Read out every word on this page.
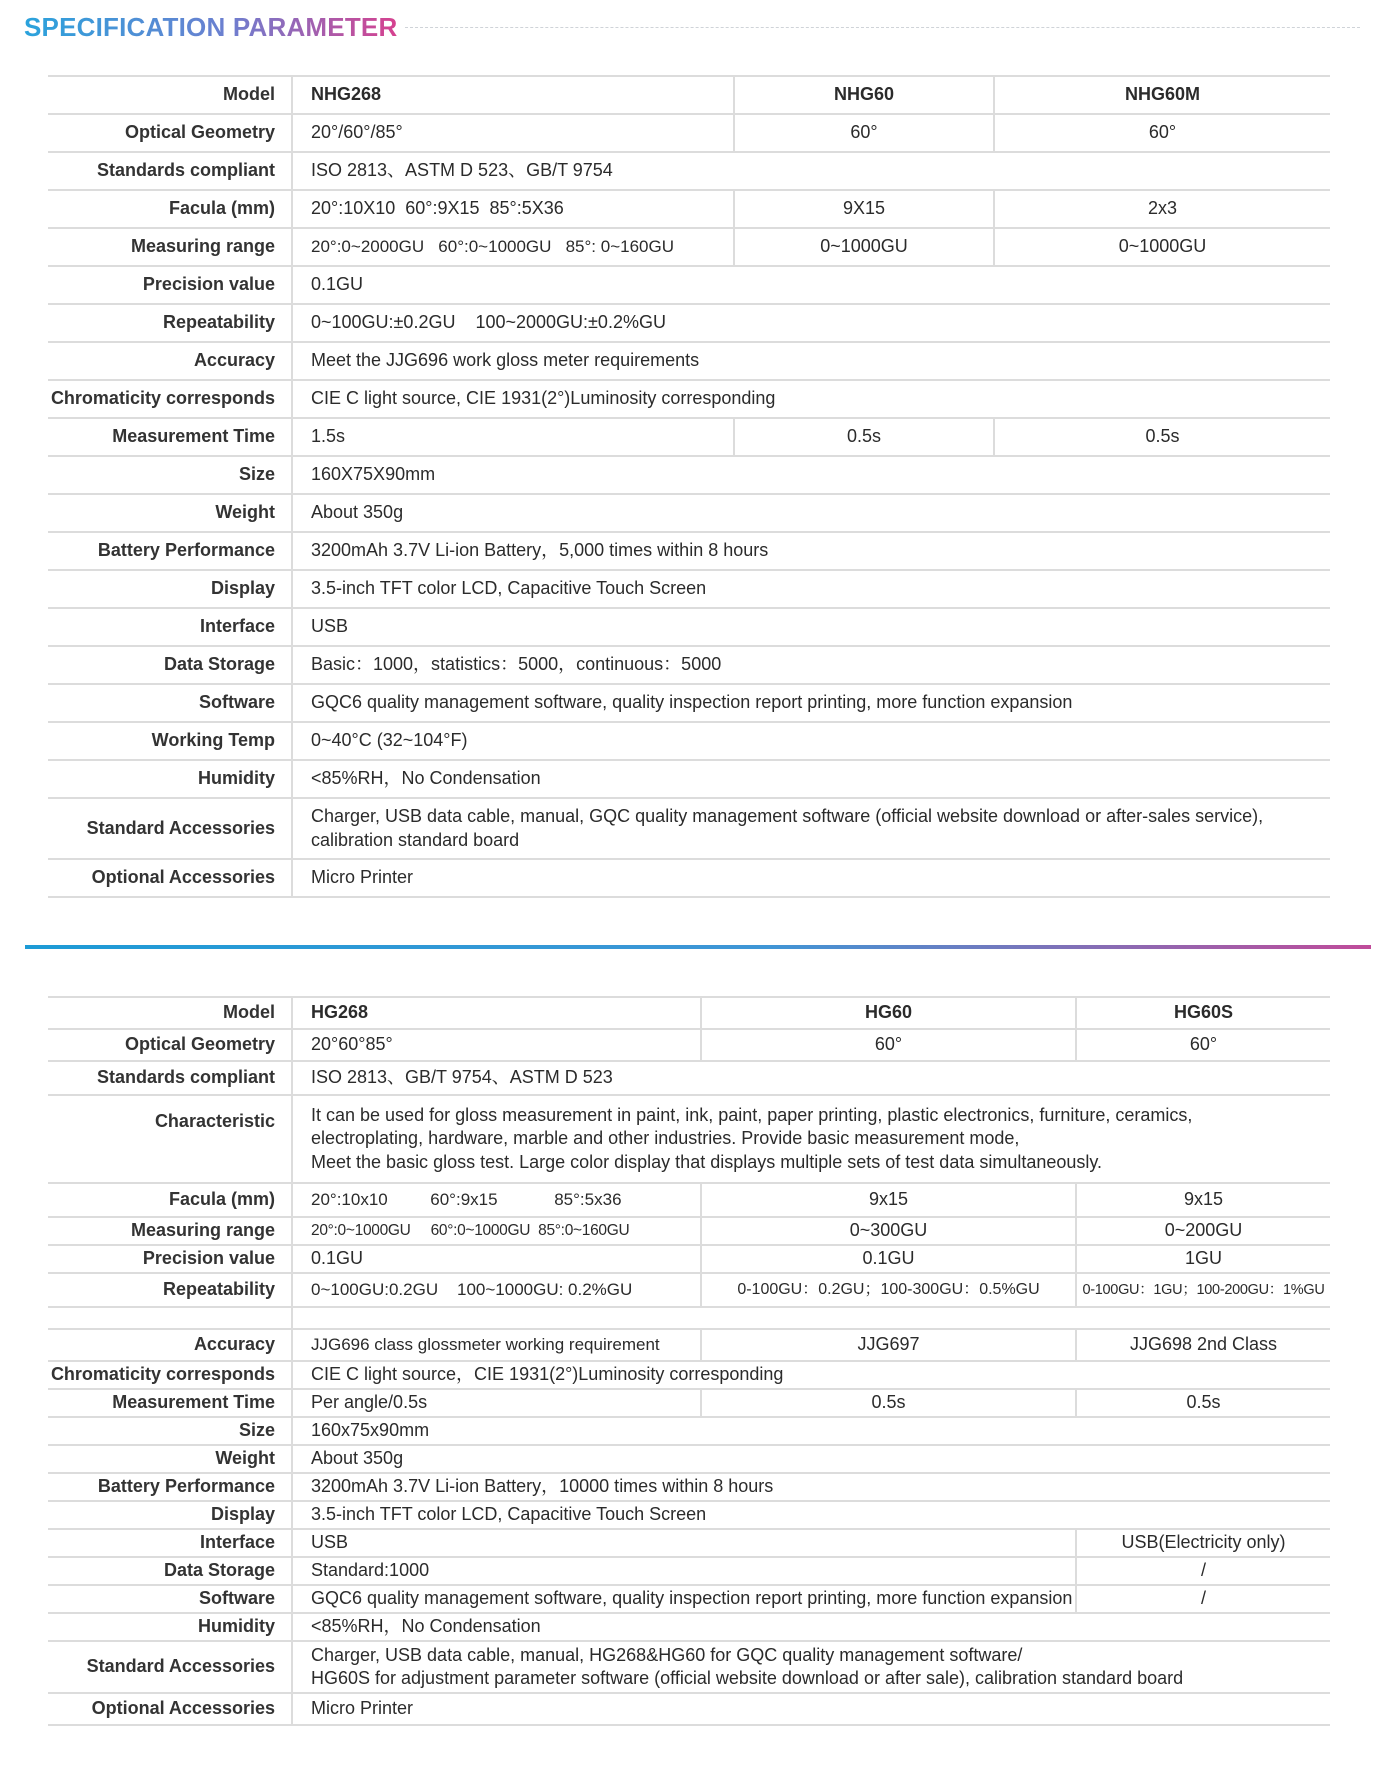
SPECIFICATION PARAMETER
Model	NHG268	NHG60	NHG60M
Optical Geometry	20°/60°/85°	60°	60°
Standards compliant	ISO 2813、ASTM D 523、GB/T 9754		
Facula (mm)	20°:10X10  60°:9X15  85°:5X36	9X15	2x3
Measuring range	20°:0~2000GU   60°:0~1000GU   85°: 0~160GU	0~1000GU	0~1000GU
Precision value	0.1GU		
Repeatability	0~100GU:±0.2GU    100~2000GU:±0.2%GU		
Accuracy	Meet the JJG696 work gloss meter requirements		
Chromaticity corresponds	CIE C light source, CIE 1931(2°)Luminosity corresponding		
Measurement Time	1.5s	0.5s	0.5s
Size	160X75X90mm		
Weight	About 350g		
Battery Performance	3200mAh 3.7V Li-ion Battery，5,000 times within 8 hours		
Display	3.5-inch TFT color LCD, Capacitive Touch Screen		
Interface	USB		
Data Storage	Basic：1000，statistics：5000，continuous：5000		
Software	GQC6 quality management software, quality inspection report printing, more function expansion		
Working Temp	0~40°C (32~104°F)		
Humidity	<85%RH，No Condensation		
Standard Accessories	Charger, USB data cable, manual, GQC quality management software (official website download or after-sales service), calibration standard board		
Optional Accessories	Micro Printer		
Model	HG268	HG60	HG60S
Optical Geometry	20°60°85°	60°	60°
Standards compliant	ISO 2813、GB/T 9754、ASTM D 523		
Characteristic	It can be used for gloss measurement in paint, ink, paint, paper printing, plastic electronics, furniture, ceramics,
electroplating, hardware, marble and other industries. Provide basic measurement mode,
Meet the basic gloss test. Large color display that displays multiple sets of test data simultaneously.		

Facula (mm)	20°:10x10         60°:9x15            85°:5x36	9x15	9x15
Measuring range	20°:0~1000GU     60°:0~1000GU  85°:0~160GU	0~300GU	0~200GU
Precision value	0.1GU	0.1GU	1GU
Repeatability	0~100GU:0.2GU    100~1000GU: 0.2%GU	0-100GU：0.2GU；100-300GU：0.5%GU	0-100GU：1GU；100-200GU：1%GU

Accuracy	JJG696 class glossmeter working requirement	JJG697	JJG698 2nd Class
Chromaticity corresponds	CIE C light source，CIE 1931(2°)Luminosity corresponding		
Measurement Time	Per angle/0.5s	0.5s	0.5s
Size	160x75x90mm		
Weight	About 350g		
Battery Performance	3200mAh 3.7V Li-ion Battery，10000 times within 8 hours		
Display	3.5-inch TFT color LCD, Capacitive Touch Screen		
Interface	USB		USB(Electricity only)
Data Storage	Standard:1000		/
Software	GQC6 quality management software, quality inspection report printing, more function expansion		/
Humidity	<85%RH，No Condensation		
Standard Accessories	Charger, USB data cable, manual, HG268&HG60 for GQC quality management software/
HG60S for adjustment parameter software (official website download or after sale), calibration standard board		

Optional Accessories	Micro Printer		
